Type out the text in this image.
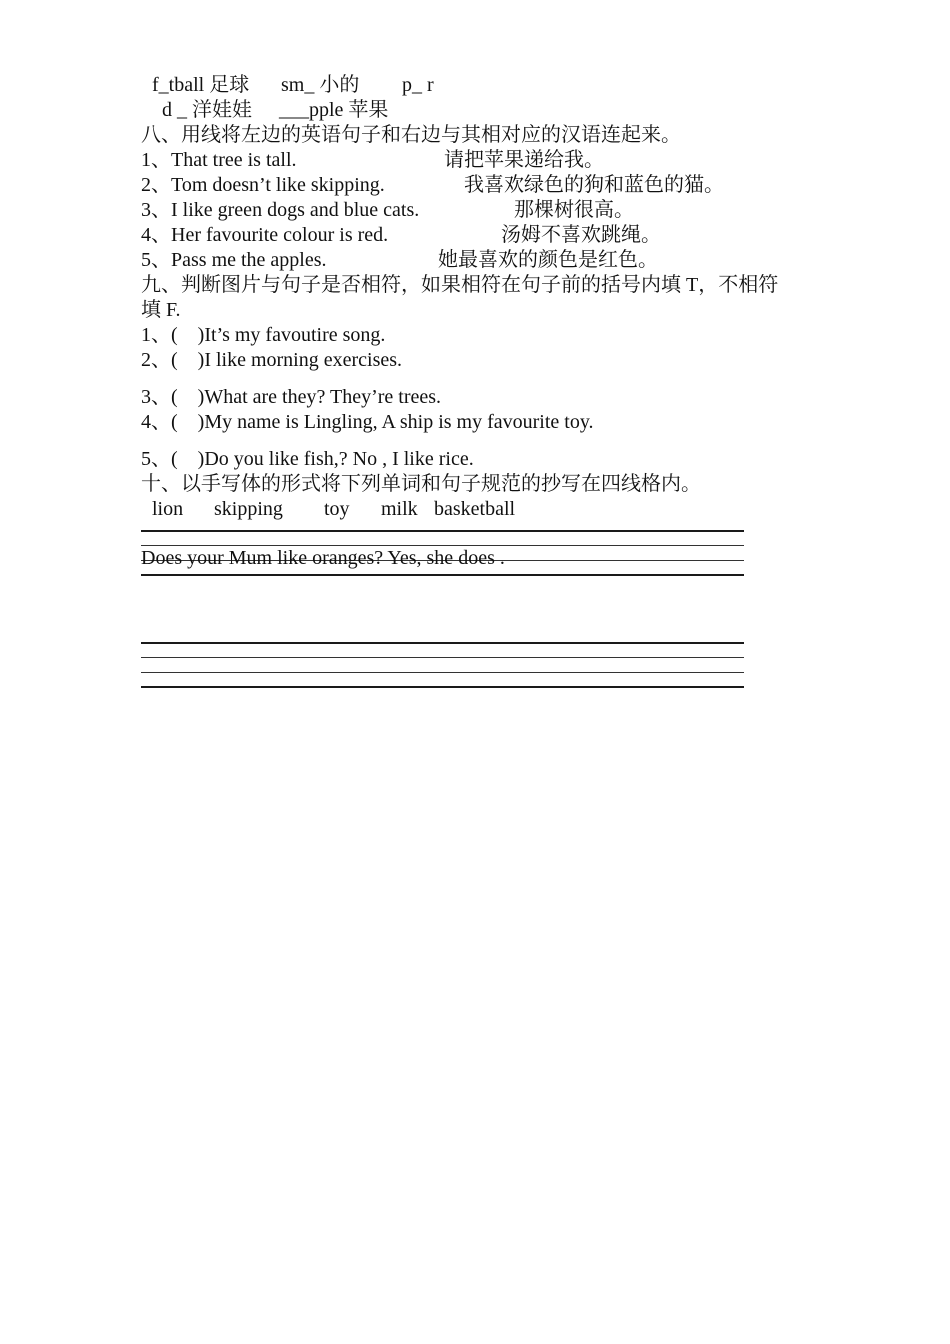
f_tball 足球 sm_ 小的 p_ r
d _ 洋娃娃 ___pple 苹果

八、用线将左边的英语句子和右边与其相对应的汉语连起来。

1、That tree is tall.	请把苹果递给我。
2、Tom doesn’t like skipping.	我喜欢绿色的狗和蓝色的猫。
3、I like green dogs and blue cats.	那棵树很高。
4、Her favourite colour is red.	汤姆不喜欢跳绳。
5、Pass me the apples.	她最喜欢的颜色是红色。

九、判断图片与句子是否相符，如果相符在句子前的括号内填 T，不相符

填 F.

1、(    )It’s my favoutire song.

2、(    )I like morning exercises.

3、(    )What are they? They’re trees.

4、(    )My name is Lingling, A ship is my favourite toy.

5、(    )Do you like fish,? No , I like rice.

十、以手写体的形式将下列单词和句子规范的抄写在四线格内。

lion skipping toy milk basketball
Does your Mum like oranges? Yes, she does .
